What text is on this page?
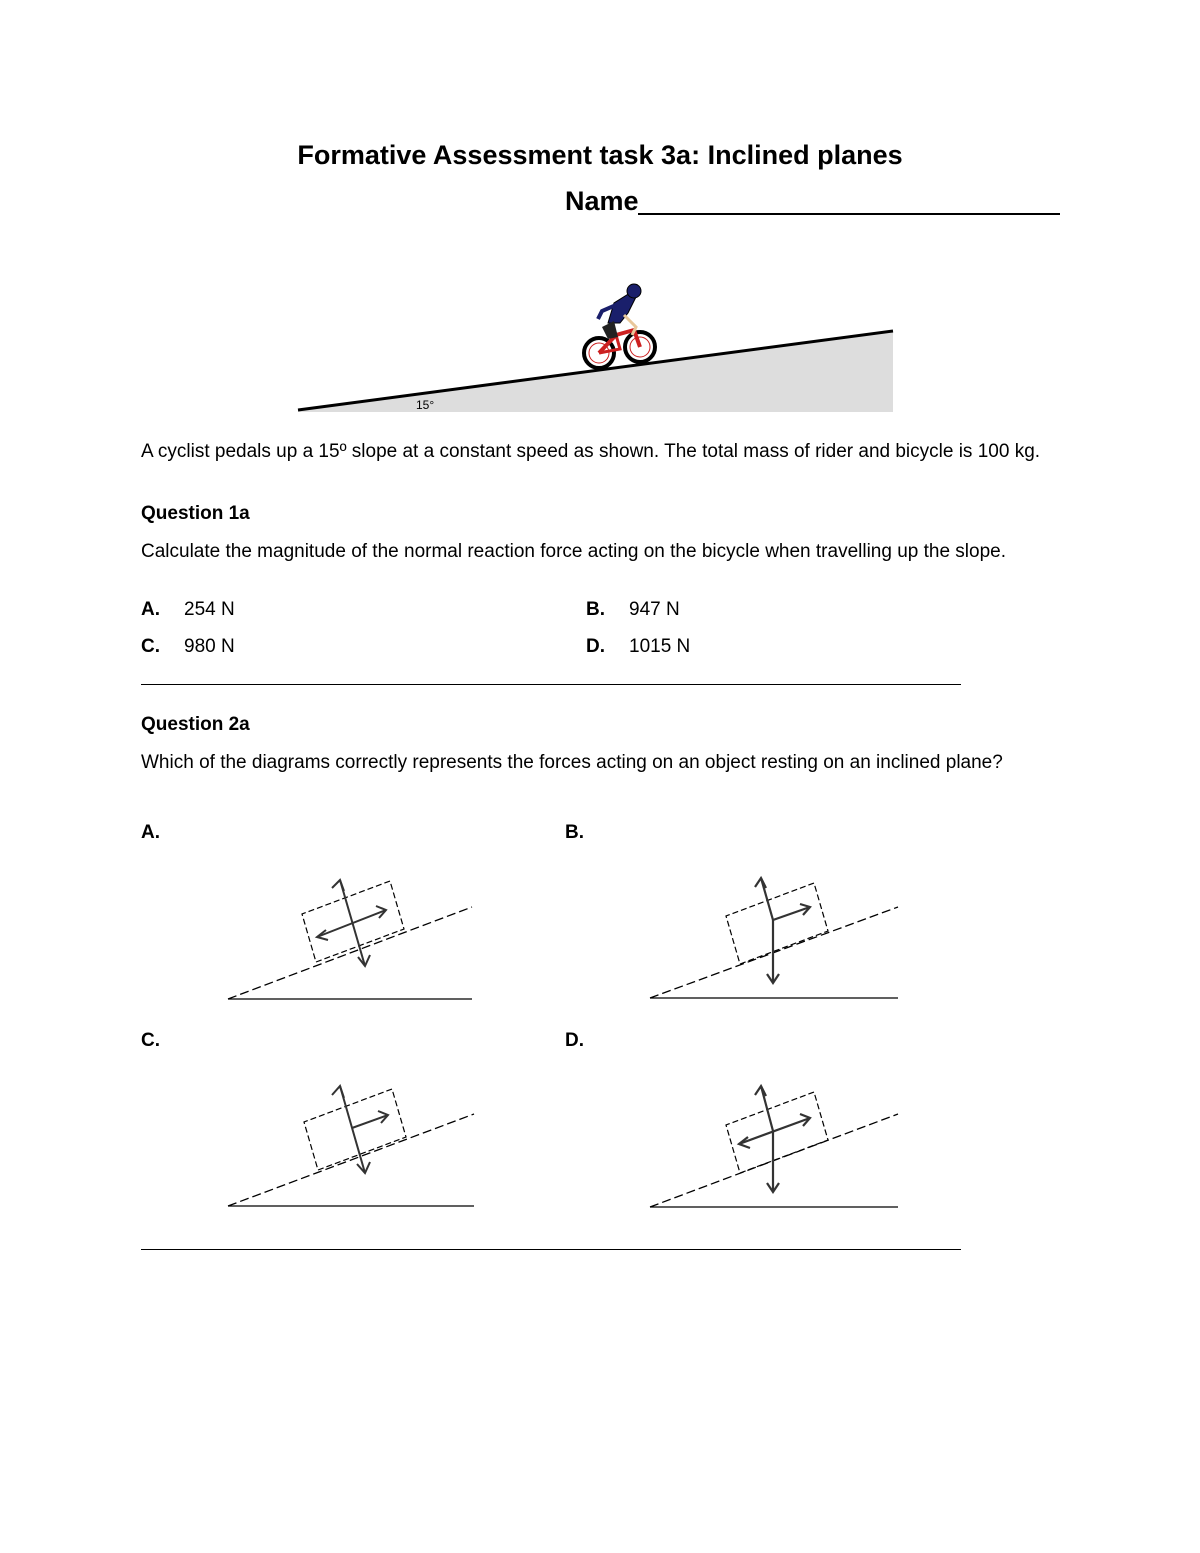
Formative Assessment task 3a: Inclined planes
Name
15°
A cyclist pedals up a 15º slope at a constant speed as shown. The total mass of rider and bicycle is 100 kg.
Question 1a
Calculate the magnitude of the normal reaction force acting on the bicycle when travelling up the slope.
A. 254 N	B. 947 N
C. 980 N	D. 1015 N
Question 2a
Which of the diagrams correctly represents the forces acting on an object resting on an inclined plane?
A.	B.
C.	D.
